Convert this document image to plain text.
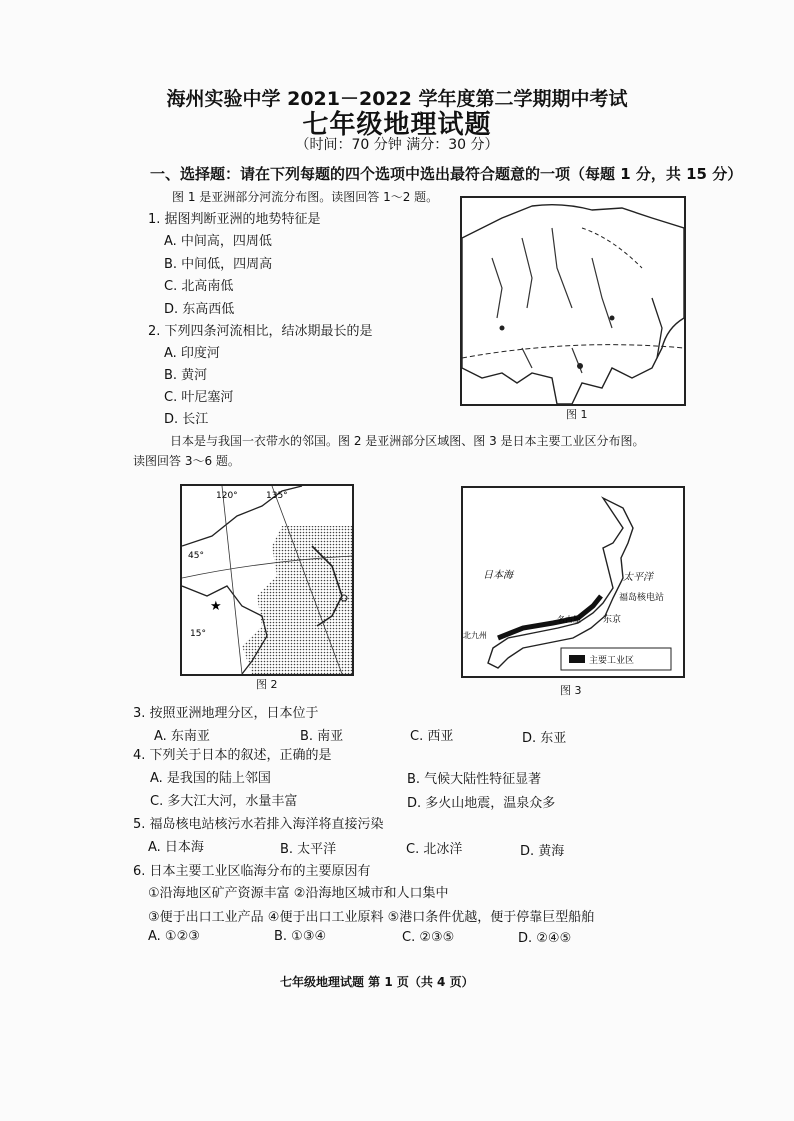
海州实验中学 2021－2022 学年度第二学期期中考试
七年级地理试题
（时间：70 分钟 满分：30 分）
一、选择题：请在下列每题的四个选项中选出最符合题意的一项（每题 1 分，共 15 分）
图 1 是亚洲部分河流分布图。读图回答 1～2 题。
1. 据图判断亚洲的地势特征是
A. 中间高，四周低
B. 中间低，四周高
C. 北高南低
D. 东高西低
2. 下列四条河流相比，结冰期最长的是
A. 印度河
B. 黄河
C. 叶尼塞河
D. 长江	图 1
日本是与我国一衣带水的邻国。图 2 是亚洲部分区域图、图 3 是日本主要工业区分布图。
读图回答 3～6 题。
120°	135°
45°
15°
★
图 2
主要工业区
日本海	太平洋
福岛核电站
东京
名古屋
北九州
图 3
3. 按照亚洲地理分区，日本位于
A. 东南亚	B. 南亚	C. 西亚	D. 东亚
4. 下列关于日本的叙述，正确的是
A. 是我国的陆上邻国	B. 气候大陆性特征显著
C. 多大江大河，水量丰富	D. 多火山地震，温泉众多
5. 福岛核电站核污水若排入海洋将直接污染
A. 日本海	B. 太平洋	C. 北冰洋	D. 黄海
6. 日本主要工业区临海分布的主要原因有
①沿海地区矿产资源丰富 ②沿海地区城市和人口集中
③便于出口工业产品 ④便于出口工业原料 ⑤港口条件优越，便于停靠巨型船舶
A. ①②③	B. ①③④	C. ②③⑤	D. ②④⑤
七年级地理试题 第 1 页（共 4 页）
